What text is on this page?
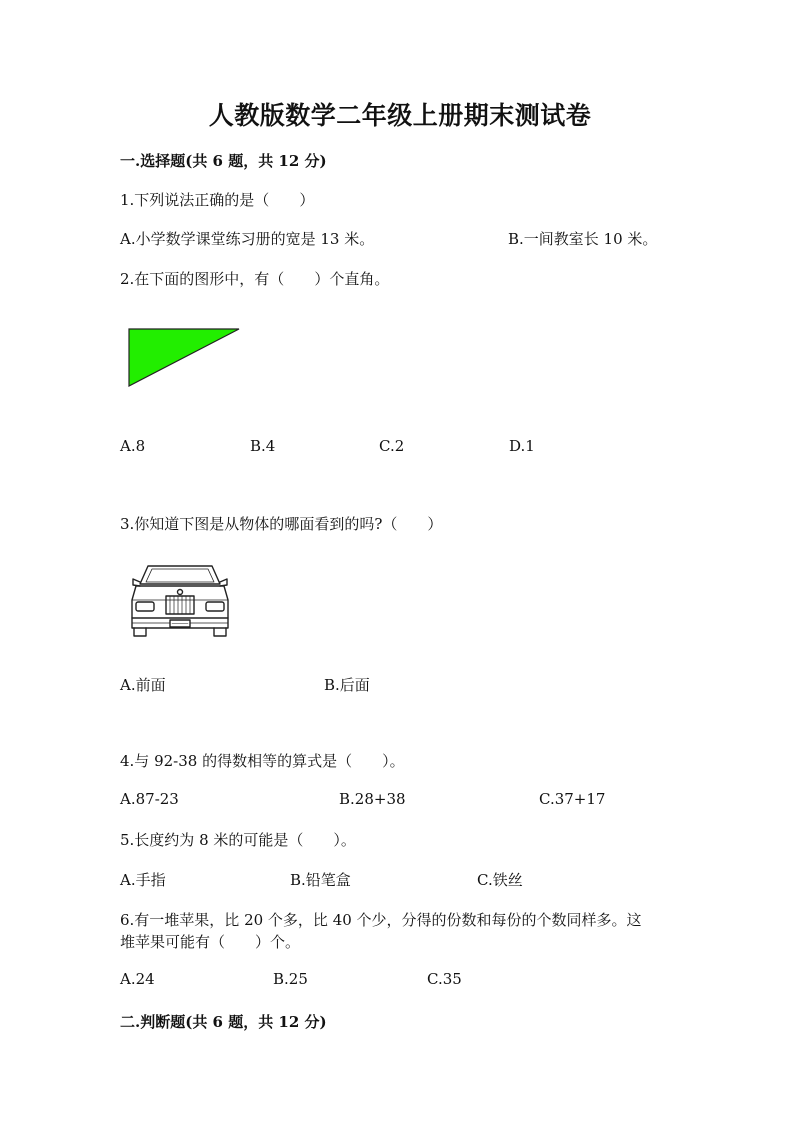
人教版数学二年级上册期末测试卷
一.选择题(共 6 题，共 12 分)
1.下列说法正确的是（　　）
A.小学数学课堂练习册的宽是 13 米。	B.一间教室长 10 米。
2.在下面的图形中，有（　　）个直角。
A.8	B.4	C.2	D.1
3.你知道下图是从物体的哪面看到的吗?（　　）
A.前面	B.后面
4.与 92-38 的得数相等的算式是（　　）。
A.87-23	B.28+38	C.37+17
5.长度约为 8 米的可能是（　　）。
A.手指	B.铅笔盒	C.铁丝
6.有一堆苹果，比 20 个多，比 40 个少，分得的份数和每份的个数同样多。这
堆苹果可能有（　　）个。
A.24	B.25	C.35
二.判断题(共 6 题，共 12 分)
